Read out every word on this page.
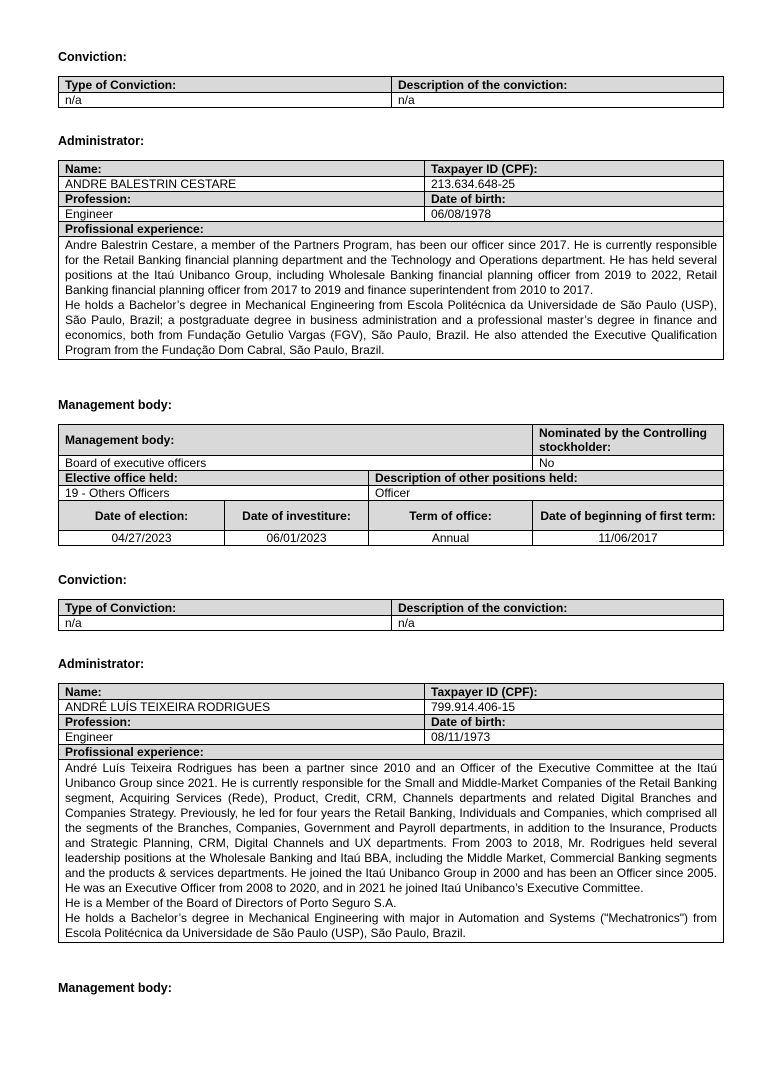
Conviction:
Type of Conviction:	Description of the conviction:
n/a	n/a
Administrator:
Name:	Taxpayer ID (CPF):
ANDRE BALESTRIN CESTARE	213.634.648-25
Profession:	Date of birth:
Engineer	06/08/1978
Profissional experience:	

Andre Balestrin Cestare, a member of the Partners Program, has been our officer since 2017. He is currently responsible for the Retail Banking financial planning department and the Technology and Operations department. He has held several positions at the Itaú Unibanco Group, including Wholesale Banking financial planning officer from 2019 to 2022, Retail Banking financial planning officer from 2017 to 2019 and finance superintendent from 2010 to 2017.
He holds a Bachelor’s degree in Mechanical Engineering from Escola Politécnica da Universidade de São Paulo (USP), São Paulo, Brazil; a postgraduate degree in business administration and a professional master’s degree in finance and economics, both from Fundação Getulio Vargas (FGV), São Paulo, Brazil. He also attended the Executive Qualification Program from the Fundação Dom Cabral, São Paulo, Brazil.	
Management body:
Management body:			Nominated by the Controlling stockholder:
Board of executive officers			No
Elective office held:		Description of other positions held:	
19 - Others Officers		Officer	
Date of election:	Date of investiture:	Term of office:	Date of beginning of first term:
04/27/2023	06/01/2023	Annual	11/06/2017
Conviction:
Type of Conviction:	Description of the conviction:
n/a	n/a
Administrator:
Name:	Taxpayer ID (CPF):
ANDRÉ LUÍS TEIXEIRA RODRIGUES	799.914.406-15
Profession:	Date of birth:
Engineer	08/11/1973
Profissional experience:	

André Luís Teixeira Rodrigues has been a partner since 2010 and an Officer of the Executive Committee at the Itaú Unibanco Group since 2021. He is currently responsible for the Small and Middle-Market Companies of the Retail Banking segment, Acquiring Services (Rede), Product, Credit, CRM, Channels departments and related Digital Branches and Companies Strategy. Previously, he led for four years the Retail Banking, Individuals and Companies, which comprised all the segments of the Branches, Companies, Government and Payroll departments, in addition to the Insurance, Products and Strategic Planning, CRM, Digital Channels and UX departments. From 2003 to 2018, Mr. Rodrigues held several leadership positions at the Wholesale Banking and Itaú BBA, including the Middle Market, Commercial Banking segments and the products & services departments. He joined the Itaú Unibanco Group in 2000 and has been an Officer since 2005. He was an Executive Officer from 2008 to 2020, and in 2021 he joined Itaú Unibanco’s Executive Committee.
He is a Member of the Board of Directors of Porto Seguro S.A.
He holds a Bachelor’s degree in Mechanical Engineering with major in Automation and Systems ("Mechatronics") from Escola Politécnica da Universidade de São Paulo (USP), São Paulo, Brazil.	
Management body:
